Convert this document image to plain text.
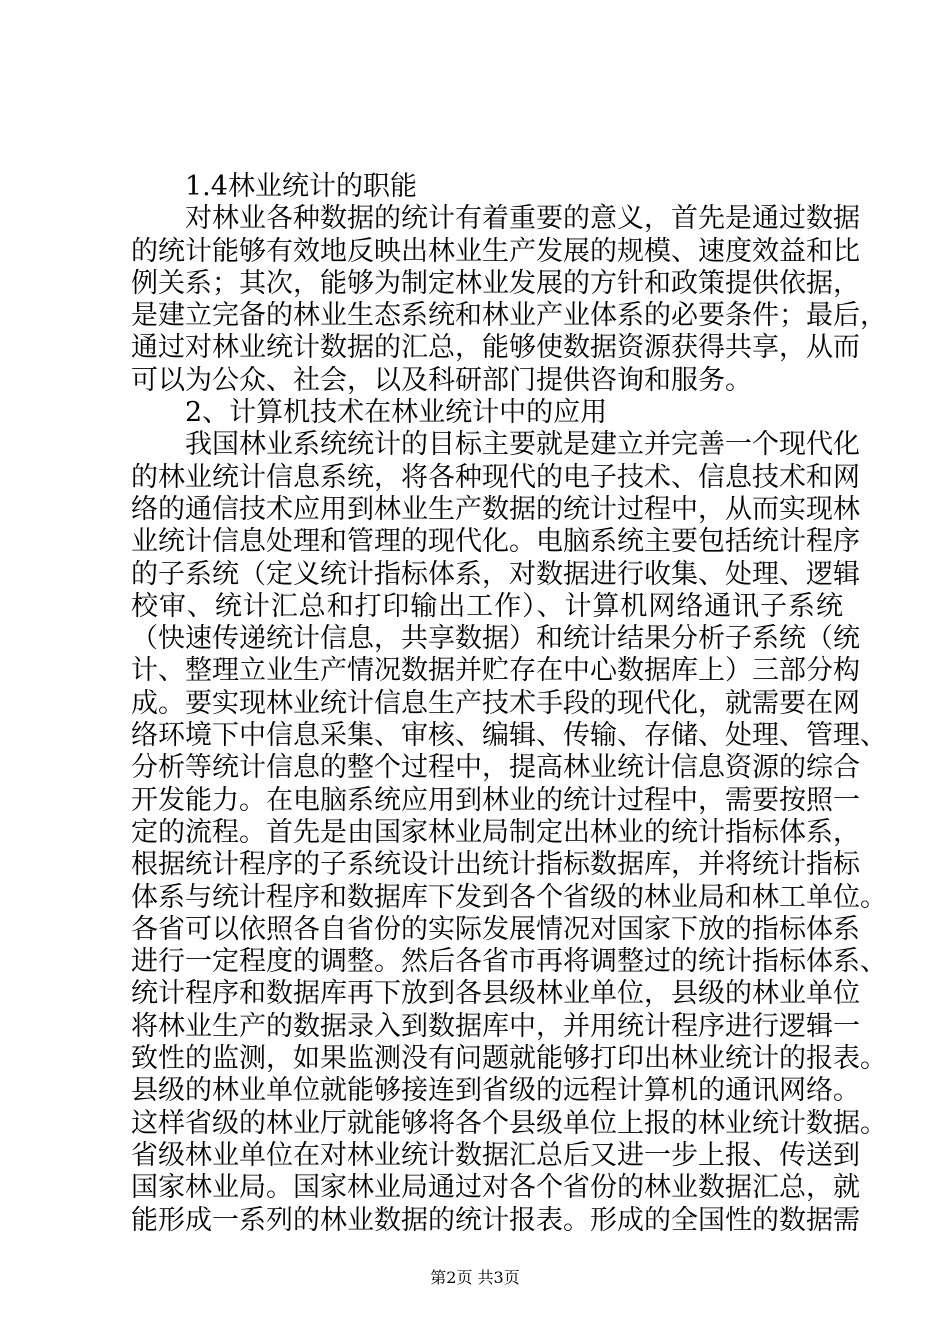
1.4林业统计的职能
对林业各种数据的统计有着重要的意义，首先是通过数据
的统计能够有效地反映出林业生产发展的规模、速度效益和比
例关系；其次，能够为制定林业发展的方针和政策提供依据，
是建立完备的林业生态系统和林业产业体系的必要条件；最后，
通过对林业统计数据的汇总，能够使数据资源获得共享，从而
可以为公众、社会，以及科研部门提供咨询和服务。
2、计算机技术在林业统计中的应用
我国林业系统统计的目标主要就是建立并完善一个现代化
的林业统计信息系统，将各种现代的电子技术、信息技术和网
络的通信技术应用到林业生产数据的统计过程中，从而实现林
业统计信息处理和管理的现代化。电脑系统主要包括统计程序
的子系统（定义统计指标体系，对数据进行收集、处理、逻辑
校审、统计汇总和打印输出工作）、计算机网络通讯子系统
（快速传递统计信息，共享数据）和统计结果分析子系统（统
计、整理立业生产情况数据并贮存在中心数据库上）三部分构
成。要实现林业统计信息生产技术手段的现代化，就需要在网
络环境下中信息采集、审核、编辑、传输、存储、处理、管理、
分析等统计信息的整个过程中，提高林业统计信息资源的综合
开发能力。在电脑系统应用到林业的统计过程中，需要按照一
定的流程。首先是由国家林业局制定出林业的统计指标体系，
根据统计程序的子系统设计出统计指标数据库，并将统计指标
体系与统计程序和数据库下发到各个省级的林业局和林工单位。
各省可以依照各自省份的实际发展情况对国家下放的指标体系
进行一定程度的调整。然后各省市再将调整过的统计指标体系、
统计程序和数据库再下放到各县级林业单位，县级的林业单位
将林业生产的数据录入到数据库中，并用统计程序进行逻辑一
致性的监测，如果监测没有问题就能够打印出林业统计的报表。
县级的林业单位就能够接连到省级的远程计算机的通讯网络。
这样省级的林业厅就能够将各个县级单位上报的林业统计数据。
省级林业单位在对林业统计数据汇总后又进一步上报、传送到
国家林业局。国家林业局通过对各个省份的林业数据汇总，就
能形成一系列的林业数据的统计报表。形成的全国性的数据需
第2页 共3页
